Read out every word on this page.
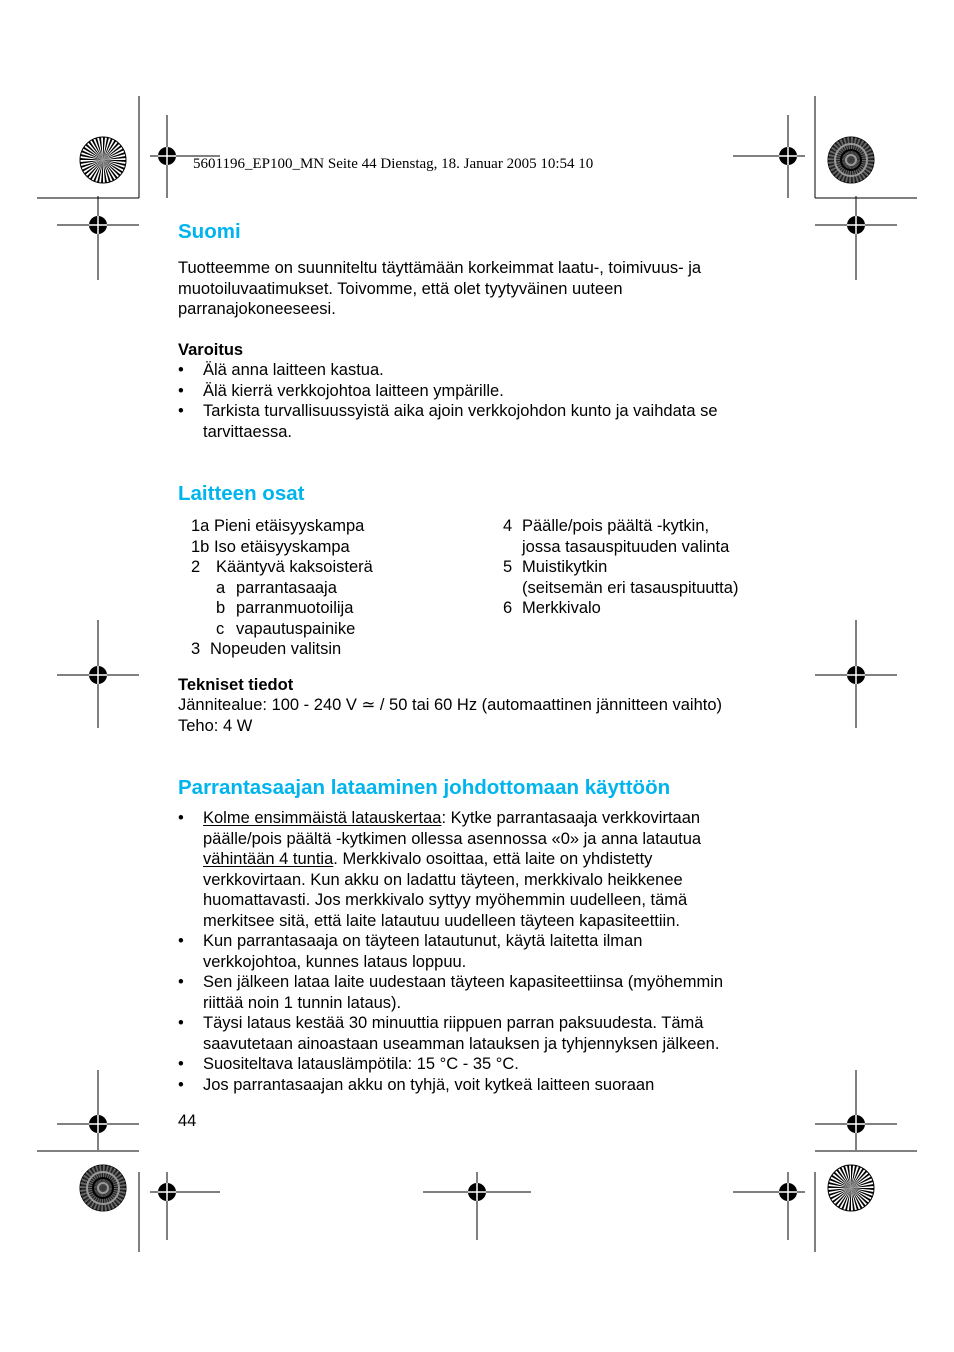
5601196_EP100_MN Seite 44 Dienstag, 18. Januar 2005 10:54 10
Suomi
Tuotteemme on suunniteltu täyttämään korkeimmat laatu-, toimivuus- ja
muotoiluvaatimukset. Toivomme, että olet tyytyväinen uuteen
parranajokoneeseesi.
Varoitus
• Älä anna laitteen kastua.
• Älä kierrä verkkojohtoa laitteen ympärille.
• Tarkista turvallisuussyistä aika ajoin verkkojohdon kunto ja vaihdata se
tarvittaessa.
Laitteen osat
1a Pieni etäisyyskampa
1b Iso etäisyyskampa
2 Kääntyvä kaksoisterä
a parrantasaaja
b parranmuotoilija
c vapautuspainike
3 Nopeuden valitsin
4 Päälle/pois päältä -kytkin,
jossa tasauspituuden valinta
5 Muistikytkin
(seitsemän eri tasauspituutta)
6 Merkkivalo
Tekniset tiedot
Jännitealue: 100 - 240 V ≃ / 50 tai 60 Hz (automaattinen jännitteen vaihto)
Teho: 4 W
Parrantasaajan lataaminen johdottomaan käyttöön
• Kolme ensimmäistä latauskertaa: Kytke parrantasaaja verkkovirtaan
päälle/pois päältä -kytkimen ollessa asennossa «0» ja anna latautua
vähintään 4 tuntia. Merkkivalo osoittaa, että laite on yhdistetty
verkkovirtaan. Kun akku on ladattu täyteen, merkkivalo heikkenee
huomattavasti. Jos merkkivalo syttyy myöhemmin uudelleen, tämä
merkitsee sitä, että laite latautuu uudelleen täyteen kapasiteettiin.
• Kun parrantasaaja on täyteen latautunut, käytä laitetta ilman
verkkojohtoa, kunnes lataus loppuu.
• Sen jälkeen lataa laite uudestaan täyteen kapasiteettiinsa (myöhemmin
riittää noin 1 tunnin lataus).
• Täysi lataus kestää 30 minuuttia riippuen parran paksuudesta. Tämä
saavutetaan ainoastaan useamman latauksen ja tyhjennyksen jälkeen.
• Suositeltava latauslämpötila: 15 °C - 35 °C.
• Jos parrantasaajan akku on tyhjä, voit kytkeä laitteen suoraan
44
